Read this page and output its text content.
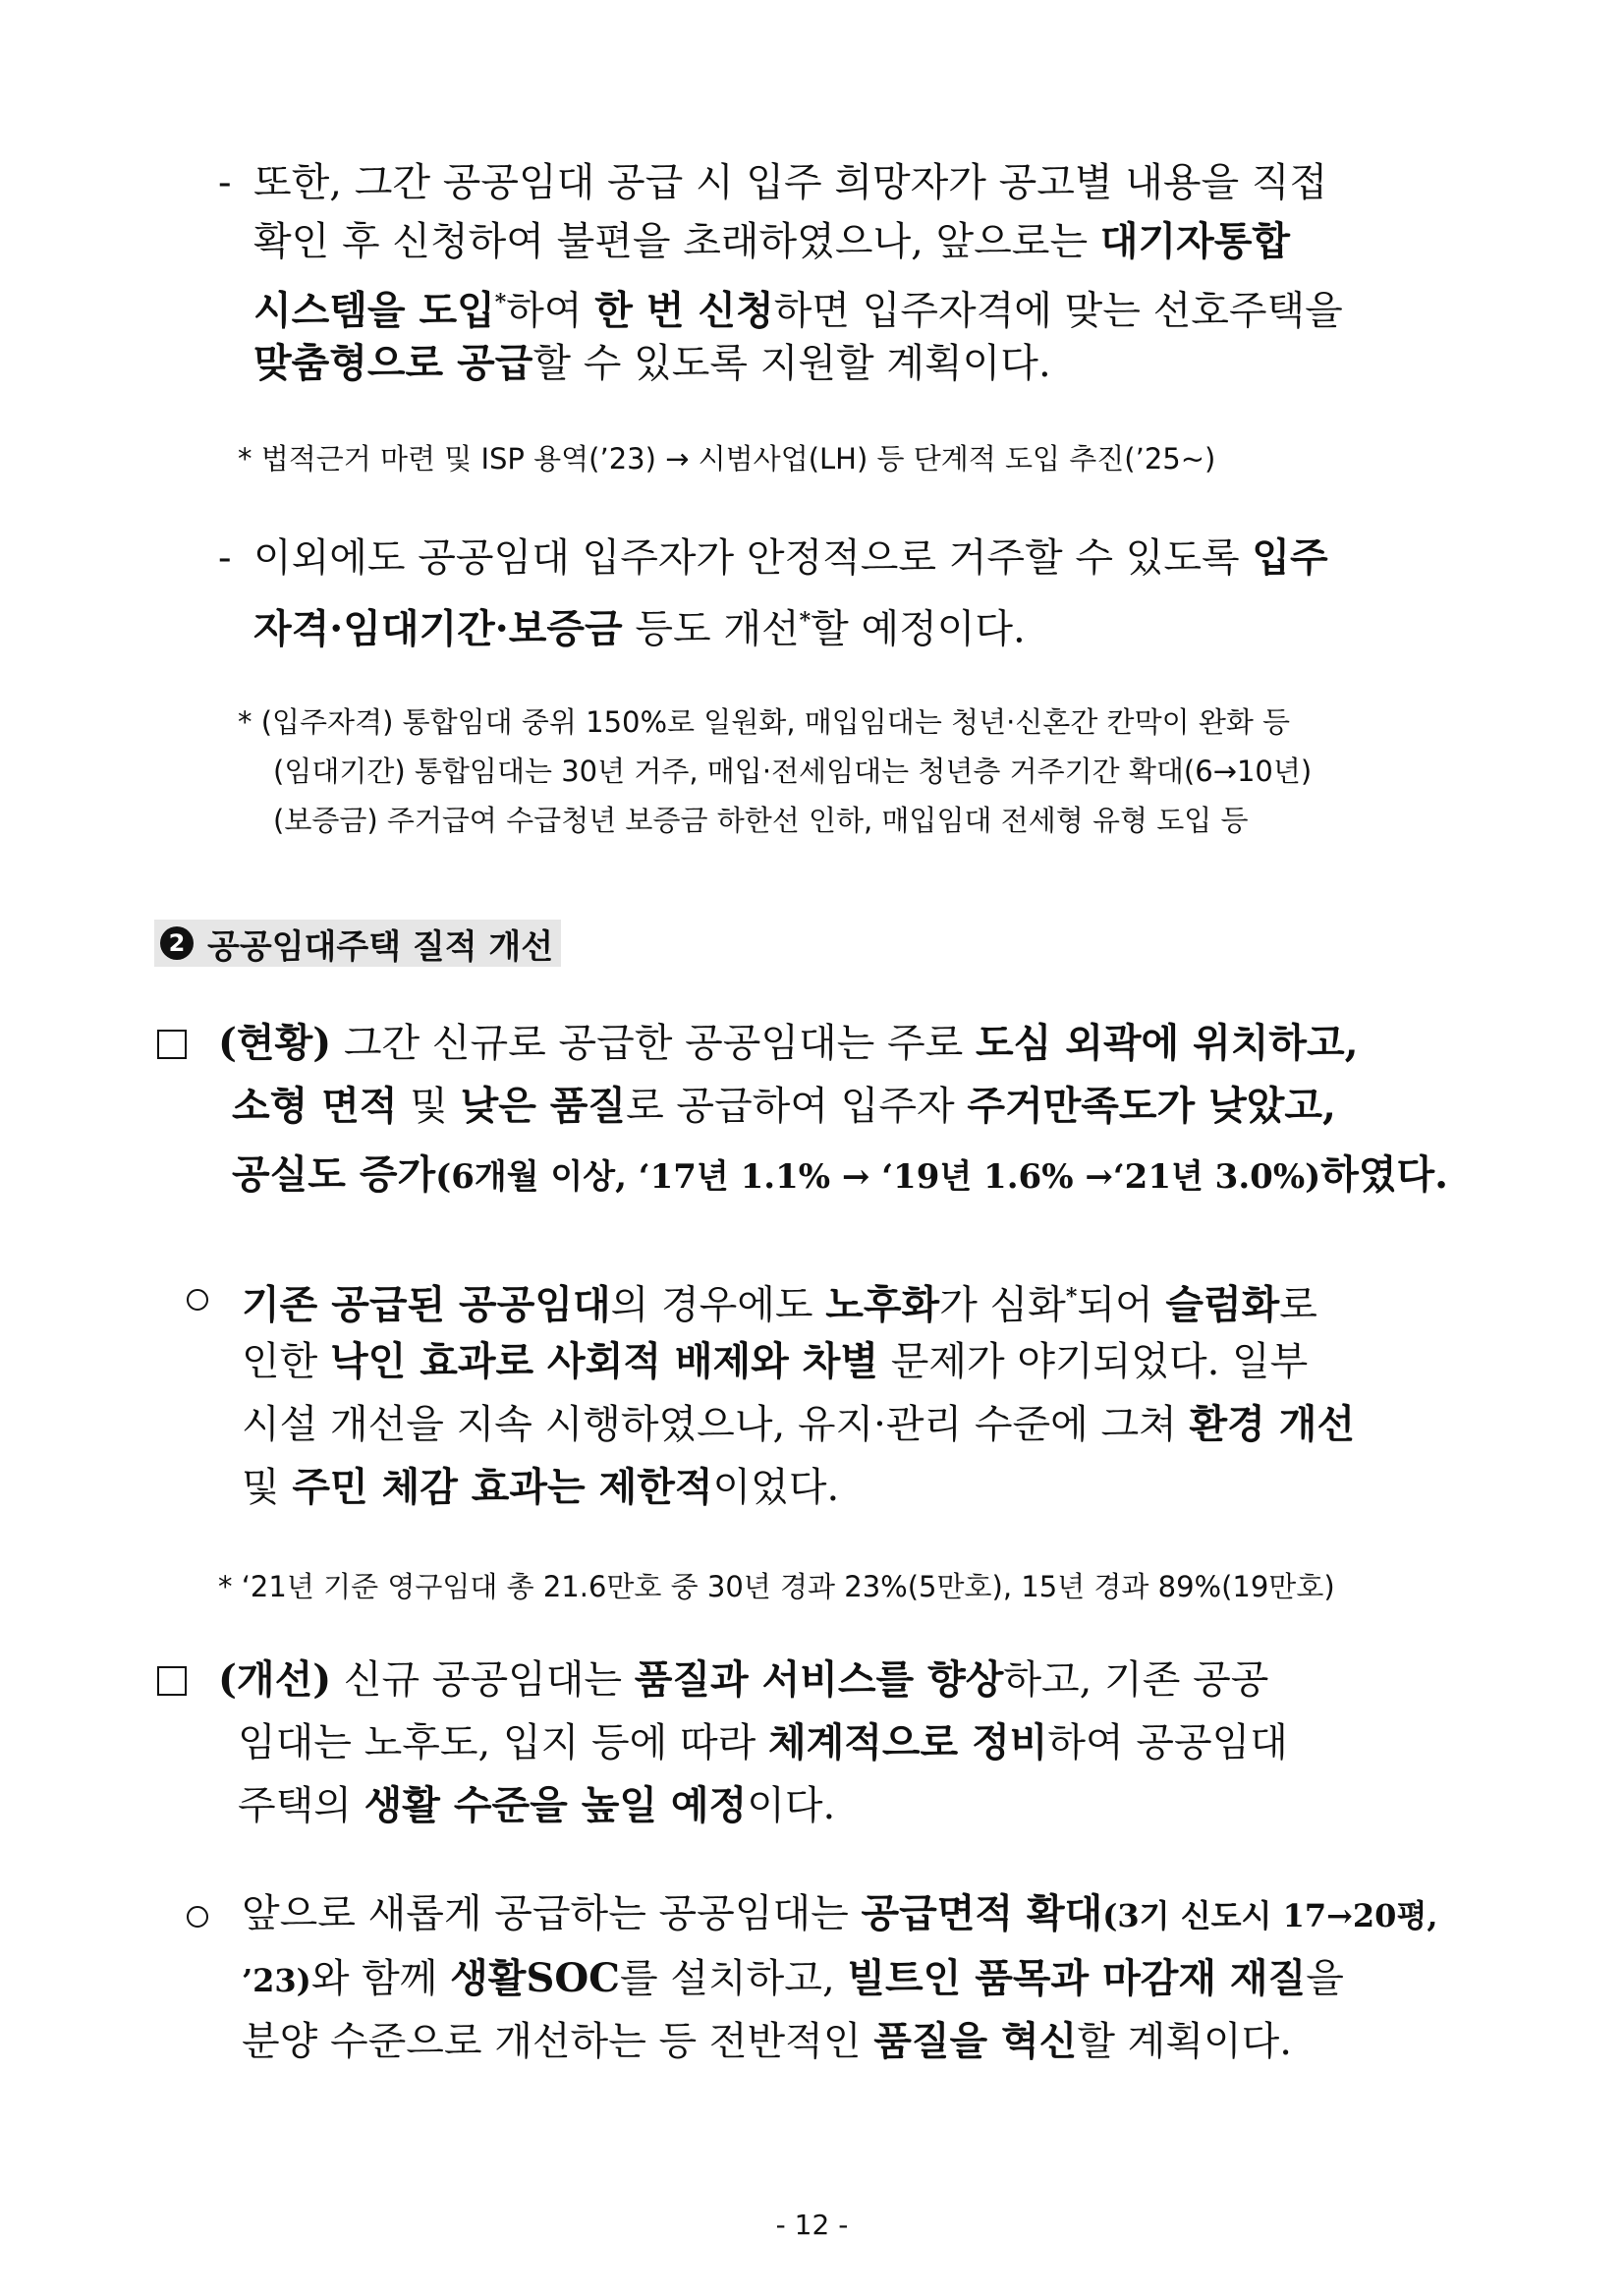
- 또한, 그간 공공임대 공급 시 입주 희망자가 공고별 내용을 직접
확인 후 신청하여 불편을 초래하였으나, 앞으로는 대기자통합
시스템을 도입*하여 한 번 신청하면 입주자격에 맞는 선호주택을
맞춤형으로 공급할 수 있도록 지원할 계획이다.
* 법적근거 마련 및 ISP 용역(’23) → 시범사업(LH) 등 단계적 도입 추진(’25~)
- 이외에도 공공임대 입주자가 안정적으로 거주할 수 있도록 입주
자격·임대기간·보증금 등도 개선*할 예정이다.
* (입주자격) 통합임대 중위 150%로 일원화, 매입임대는 청년·신혼간 칸막이 완화 등
(임대기간) 통합임대는 30년 거주, 매입·전세임대는 청년층 거주기간 확대(6→10년)
(보증금) 주거급여 수급청년 보증금 하한선 인하, 매입임대 전세형 유형 도입 등
2 공공임대주택 질적 개선
(현황) 그간 신규로 공급한 공공임대는 주로 도심 외곽에 위치하고,
소형 면적 및 낮은 품질로 공급하여 입주자 주거만족도가 낮았고,
공실도 증가(6개월 이상, ‘17년 1.1% → ‘19년 1.6% →‘21년 3.0%)하였다.
기존 공급된 공공임대의 경우에도 노후화가 심화*되어 슬럼화로
인한 낙인 효과로 사회적 배제와 차별 문제가 야기되었다. 일부
시설 개선을 지속 시행하였으나, 유지·관리 수준에 그쳐 환경 개선
및 주민 체감 효과는 제한적이었다.
* ‘21년 기준 영구임대 총 21.6만호 중 30년 경과 23%(5만호), 15년 경과 89%(19만호)
(개선) 신규 공공임대는 품질과 서비스를 향상하고, 기존 공공
임대는 노후도, 입지 등에 따라 체계적으로 정비하여 공공임대
주택의 생활 수준을 높일 예정이다.
앞으로 새롭게 공급하는 공공임대는 공급면적 확대(3기 신도시 17→20평,
’23)와 함께 생활SOC를 설치하고, 빌트인 품목과 마감재 재질을
분양 수준으로 개선하는 등 전반적인 품질을 혁신할 계획이다.
- 12 -
